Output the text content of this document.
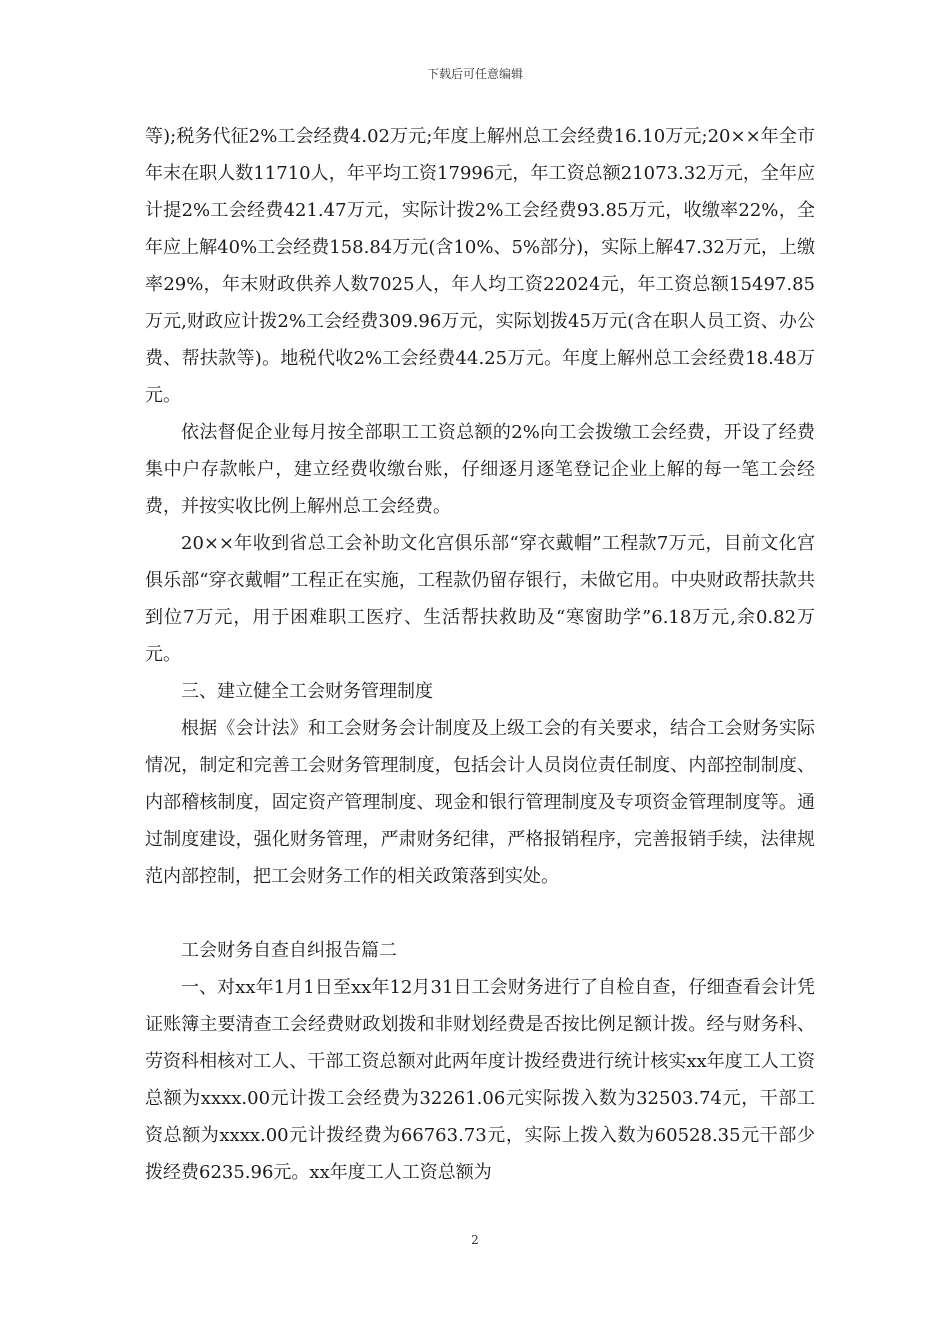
下载后可任意编辑

等);税务代征2%工会经费4.02万元;年度上解州总工会经费16.10万元;20××年全市年末在职人数11710人，年平均工资17996元，年工资总额21073.32万元，全年应计提2%工会经费421.47万元，实际计拨2%工会经费93.85万元，收缴率22%，全年应上解40%工会经费158.84万元(含10%、5%部分)，实际上解47.32万元，上缴率29%，年末财政供养人数7025人，年人均工资22024元，年工资总额15497.85万元,财政应计拨2%工会经费309.96万元，实际划拨45万元(含在职人员工资、办公费、帮扶款等)。地税代收2%工会经费44.25万元。年度上解州总工会经费18.48万元。

依法督促企业每月按全部职工工资总额的2%向工会拨缴工会经费，开设了经费集中户存款帐户，建立经费收缴台账，仔细逐月逐笔登记企业上解的每一笔工会经费，并按实收比例上解州总工会经费。

20××年收到省总工会补助文化宫俱乐部“穿衣戴帽”工程款7万元，目前文化宫俱乐部“穿衣戴帽”工程正在实施，工程款仍留存银行，未做它用。中央财政帮扶款共到位7万元，用于困难职工医疗、生活帮扶救助及“寒窗助学”6.18万元,余0.82万元。

三、建立健全工会财务管理制度

根据《会计法》和工会财务会计制度及上级工会的有关要求，结合工会财务实际情况，制定和完善工会财务管理制度，包括会计人员岗位责任制度、内部控制制度、内部稽核制度，固定资产管理制度、现金和银行管理制度及专项资金管理制度等。通过制度建设，强化财务管理，严肃财务纪律，严格报销程序，完善报销手续，法律规范内部控制，把工会财务工作的相关政策落到实处。

工会财务自查自纠报告篇二

一、对xx年1月1日至xx年12月31日工会财务进行了自检自查，仔细查看会计凭证账簿主要清查工会经费财政划拨和非财划经费是否按比例足额计拨。经与财务科、劳资科相核对工人、干部工资总额对此两年度计拨经费进行统计核实xx年度工人工资总额为xxxx.00元计拨工会经费为32261.06元实际拨入数为32503.74元，干部工资总额为xxxx.00元计拨经费为66763.73元，实际上拨入数为60528.35元干部少拨经费6235.96元。xx年度工人工资总额为

2
